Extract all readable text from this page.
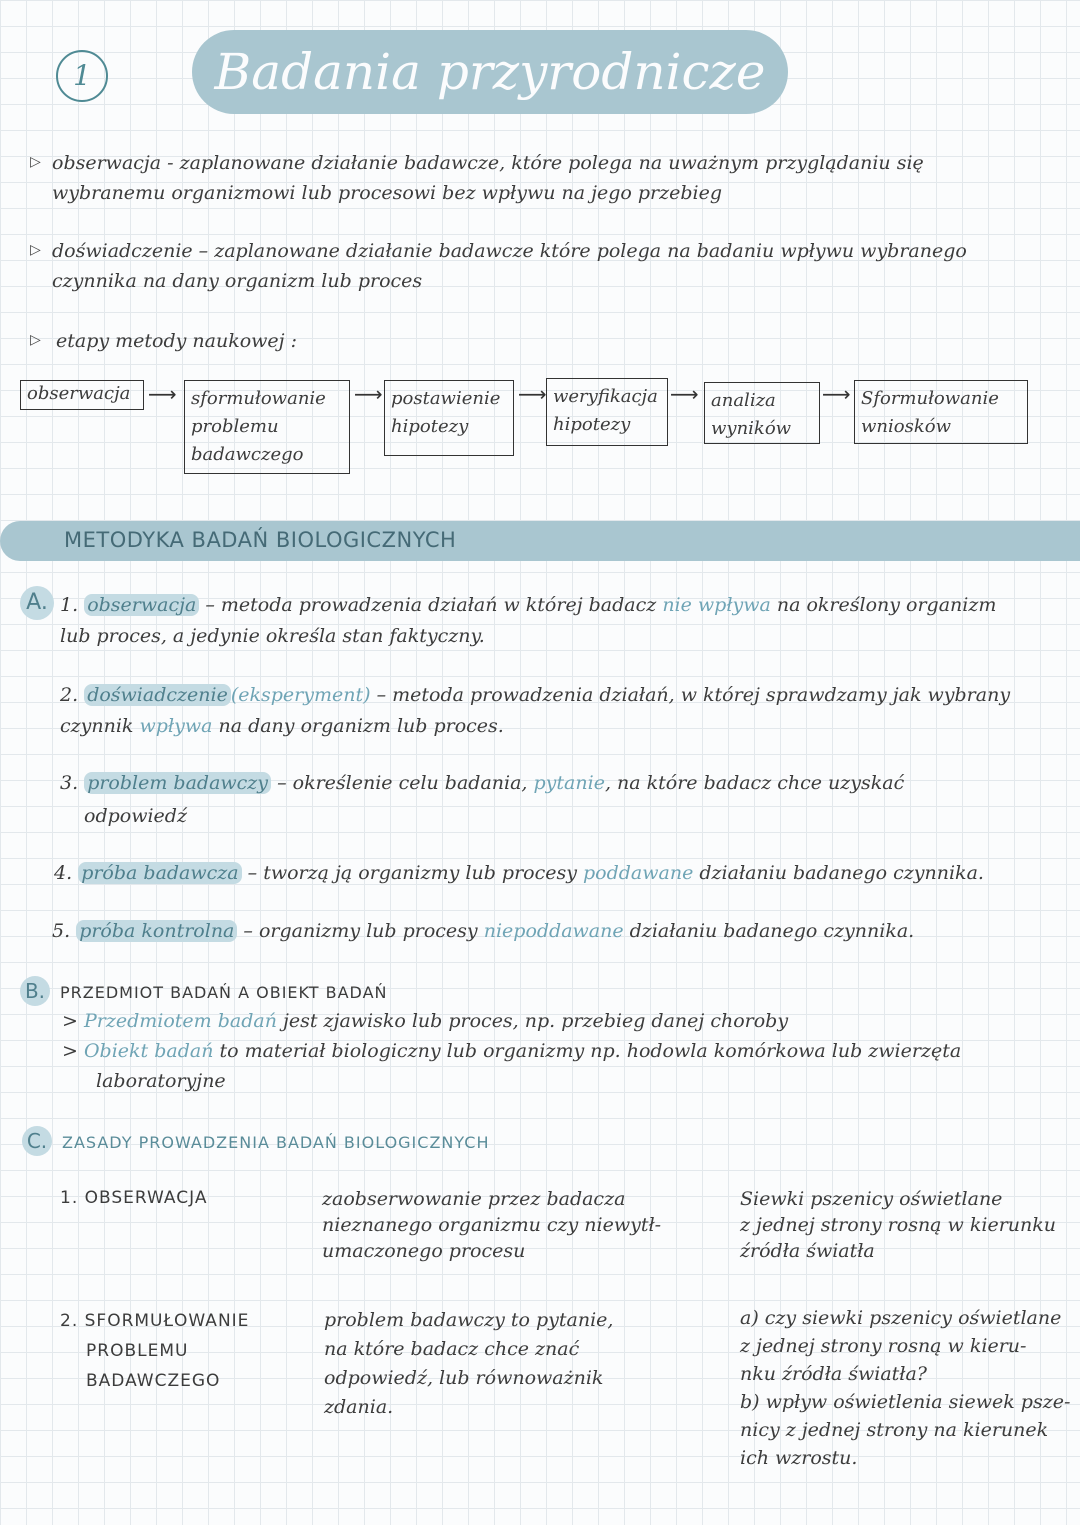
1	Badania przyrodnicze
▷ obserwacja - zaplanowane działanie badawcze, które polega na uważnym przyglądaniu się
wybranemu organizmowi lub procesowi bez wpływu na jego przebieg
▷ doświadczenie – zaplanowane działanie badawcze które polega na badaniu wpływu wybranego
czynnika na dany organizm lub proces
▷ etapy metody naukowej :
obserwacja ⟶ sformułowanie
problemu
badawczego
⟶ postawienie
hipotezy
⟶ weryfikacja
hipotezy
⟶ analiza
wyników
⟶ Sformułowanie
wniosków
METODYKA BADAŃ BIOLOGICZNYCH
A. 1. obserwacja – metoda prowadzenia działań w której badacz nie wpływa na określony organizm
lub proces, a jedynie określa stan faktyczny.
2. doświadczenie (eksperyment) – metoda prowadzenia działań, w której sprawdzamy jak wybrany
czynnik wpływa na dany organizm lub proces.
3. problem badawczy – określenie celu badania, pytanie, na które badacz chce uzyskać
odpowiedź
4. próba badawcza – tworzą ją organizmy lub procesy poddawane działaniu badanego czynnika.
5. próba kontrolna – organizmy lub procesy niepoddawane działaniu badanego czynnika.
B. PRZEDMIOT BADAŃ A OBIEKT BADAŃ
> Przedmiotem badań jest zjawisko lub proces, np. przebieg danej choroby
> Obiekt badań to materiał biologiczny lub organizmy np. hodowla komórkowa lub zwierzęta
laboratoryjne
C. ZASADY PROWADZENIA BADAŃ BIOLOGICZNYCH
1. OBSERWACJA	zaobserwowanie przez badacza
nieznanego organizmu czy niewytł-
umaczonego procesu
Siewki pszenicy oświetlane
z jednej strony rosną w kierunku
źródła światła
2. SFORMUŁOWANIE
PROBLEMU
BADAWCZEGO
problem badawczy to pytanie,
na które badacz chce znać
odpowiedź, lub równoważnik
zdania.
a) czy siewki pszenicy oświetlane
z jednej strony rosną w kieru-
nku źródła światła?
b) wpływ oświetlenia siewek psze-
nicy z jednej strony na kierunek
ich wzrostu.
